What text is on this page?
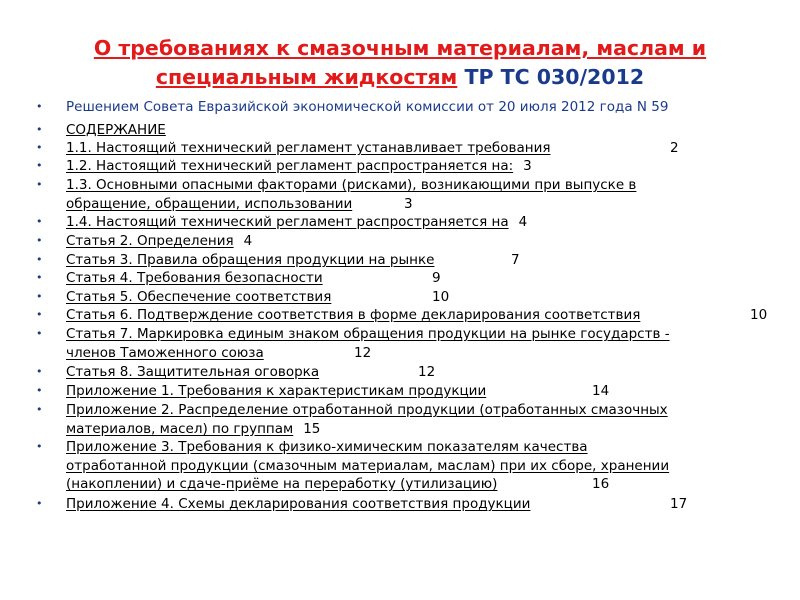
О требованиях к смазочным материалам, маслам и
специальным жидкостям ТР ТС 030/2012
• Решением Совета Евразийской экономической комиссии от 20 июля 2012 года N 59
• СОДЕРЖАНИЕ
• 1.1. Настоящий технический регламент устанавливает требования	2
• 1.2. Настоящий технический регламент распространяется на: 3
• 1.3. Основными опасными факторами (рисками), возникающими при выпуске в
обращение, обращении, использовании	3
• 1.4. Настоящий технический регламент распространяется на 4
• Статья 2. Определения 4
• Статья 3. Правила обращения продукции на рынке	7
• Статья 4. Требования безопасности	9
• Статья 5. Обеспечение соответствия	10
• Статья 6. Подтверждение соответствия в форме декларирования соответствия	10
• Статья 7. Маркировка единым знаком обращения продукции на рынке государств -
членов Таможенного союза	12
• Статья 8. Защитительная оговорка	12
• Приложение 1. Требования к характеристикам продукции	14
• Приложение 2. Распределение отработанной продукции (отработанных смазочных
материалов, масел) по группам 15
• Приложение 3. Требования к физико-химическим показателям качества
отработанной продукции (смазочным материалам, маслам) при их сборе, хранении
(накоплении) и сдаче-приёме на переработку (утилизацию)	16
• Приложение 4. Схемы декларирования соответствия продукции	17
